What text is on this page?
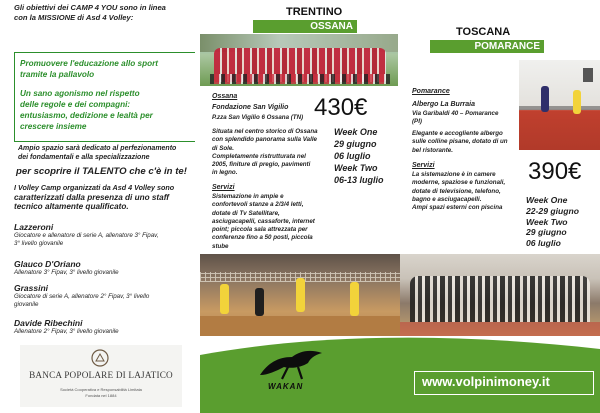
Gli obiettivi dei CAMP 4 YOU sono in linea
con la MISSIONE di Asd 4 Volley:
Promuovere l'educazione allo sport
tramite la pallavolo
Un sano agonismo nel rispetto
delle regole e dei compagni:
entusiasmo, dedizione e lealtà per
crescere insieme
Ampio spazio sarà dedicato al perfezionamento
dei fondamentali e alla specializzazione
per scoprire il TALENTO che c'è in te!
I Volley Camp organizzati da Asd 4 Volley sono
caratterizzati dalla presenza di uno staff
tecnico altamente qualificato.
Lazzeroni
Giocatore e allenatore di serie A, allenatore 3° Fipav,
3° livello giovanile
Glauco D'Oriano
Allenatore 3° Fipav, 3° livello giovanile
Grassini
Giocatore di serie A, allenatore 2° Fipav, 3° livello
giovanile
Davide Ribechini
Allenatore 2° Fipav, 3° livello giovanile
BANCA POPOLARE DI LAJATICO
Società Cooperativa e Responsabilità Limitata
Fondata nel 1884
TRENTINO
OSSANA
Ossana
Fondazione San Vigilio
P.zza San Vigilio 6 Ossana (TN) 430€
Situata nel centro storico di Ossana
con splendido panorama sulla Valle
di Sole.
Completamente ristrutturata nel
2005, finiture di pregio, pavimenti
in legno.
Week One
29 giugno
06 luglio
Week Two
06-13 luglio
Servizi
Sistemazione in ampie e
confortevoli stanze a 2/3/4 letti,
dotate di Tv Satellitare,
asciugacapelli, cassaforte, internet
point; piccola sala attrezzata per
conferenze fino a 50 posti, piccola
stube
TOSCANA
POMARANCE
Pomarance
Albergo La Burraia
Via Garibaldi 40 – Pomarance
(PI)
Elegante e accogliente albergo
sulle colline pisane, dotato di un
bel ristorante.
Servizi
La sistemazione è in camere
moderne, spaziose e funzionali,
dotate di televisione, telefono,
bagno e asciugacapelli.
Ampi spazi esterni con piscina
390€
Week One
22-29 giugno
Week Two
29 giugno
06 luglio
WAKAN	www.volpinimoney.it
